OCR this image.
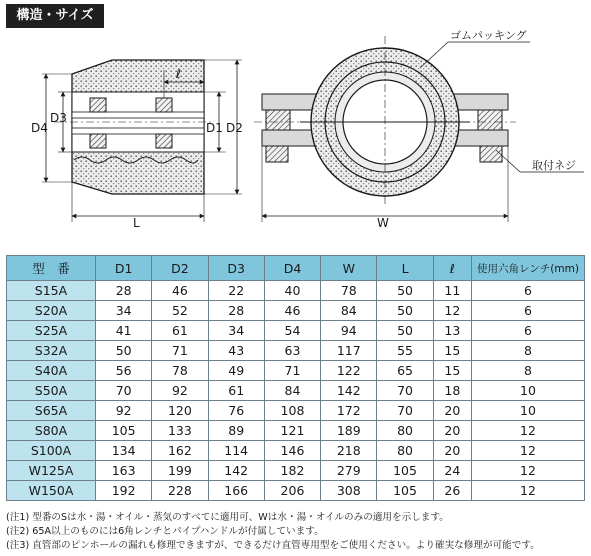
構造・サイズ
D4
D3
D1 D2
L
ℓ
W
ゴムパッキング
取付ネジ
型　番	D1	D2	D3	D4	W	L	ℓ	使用六角レンチ(mm)
S15A	28	46	22	40	78	50	11	6
S20A	34	52	28	46	84	50	12	6
S25A	41	61	34	54	94	50	13	6
S32A	50	71	43	63	117	55	15	8
S40A	56	78	49	71	122	65	15	8
S50A	70	92	61	84	142	70	18	10
S65A	92	120	76	108	172	70	20	10
S80A	105	133	89	121	189	80	20	12
S100A	134	162	114	146	218	80	20	12
W125A	163	199	142	182	279	105	24	12
W150A	192	228	166	206	308	105	26	12
(注1) 型番のSは水・湯・オイル・蒸気のすべてに適用可、Wは水・湯・オイルのみの適用を示します。
(注2) 65A以上のものには6角レンチとパイプハンドルが付属しています。
(注3) 直管部のピンホールの漏れも修理できますが、できるだけ直管専用型をご使用ください。より確実な修理が可能です。
